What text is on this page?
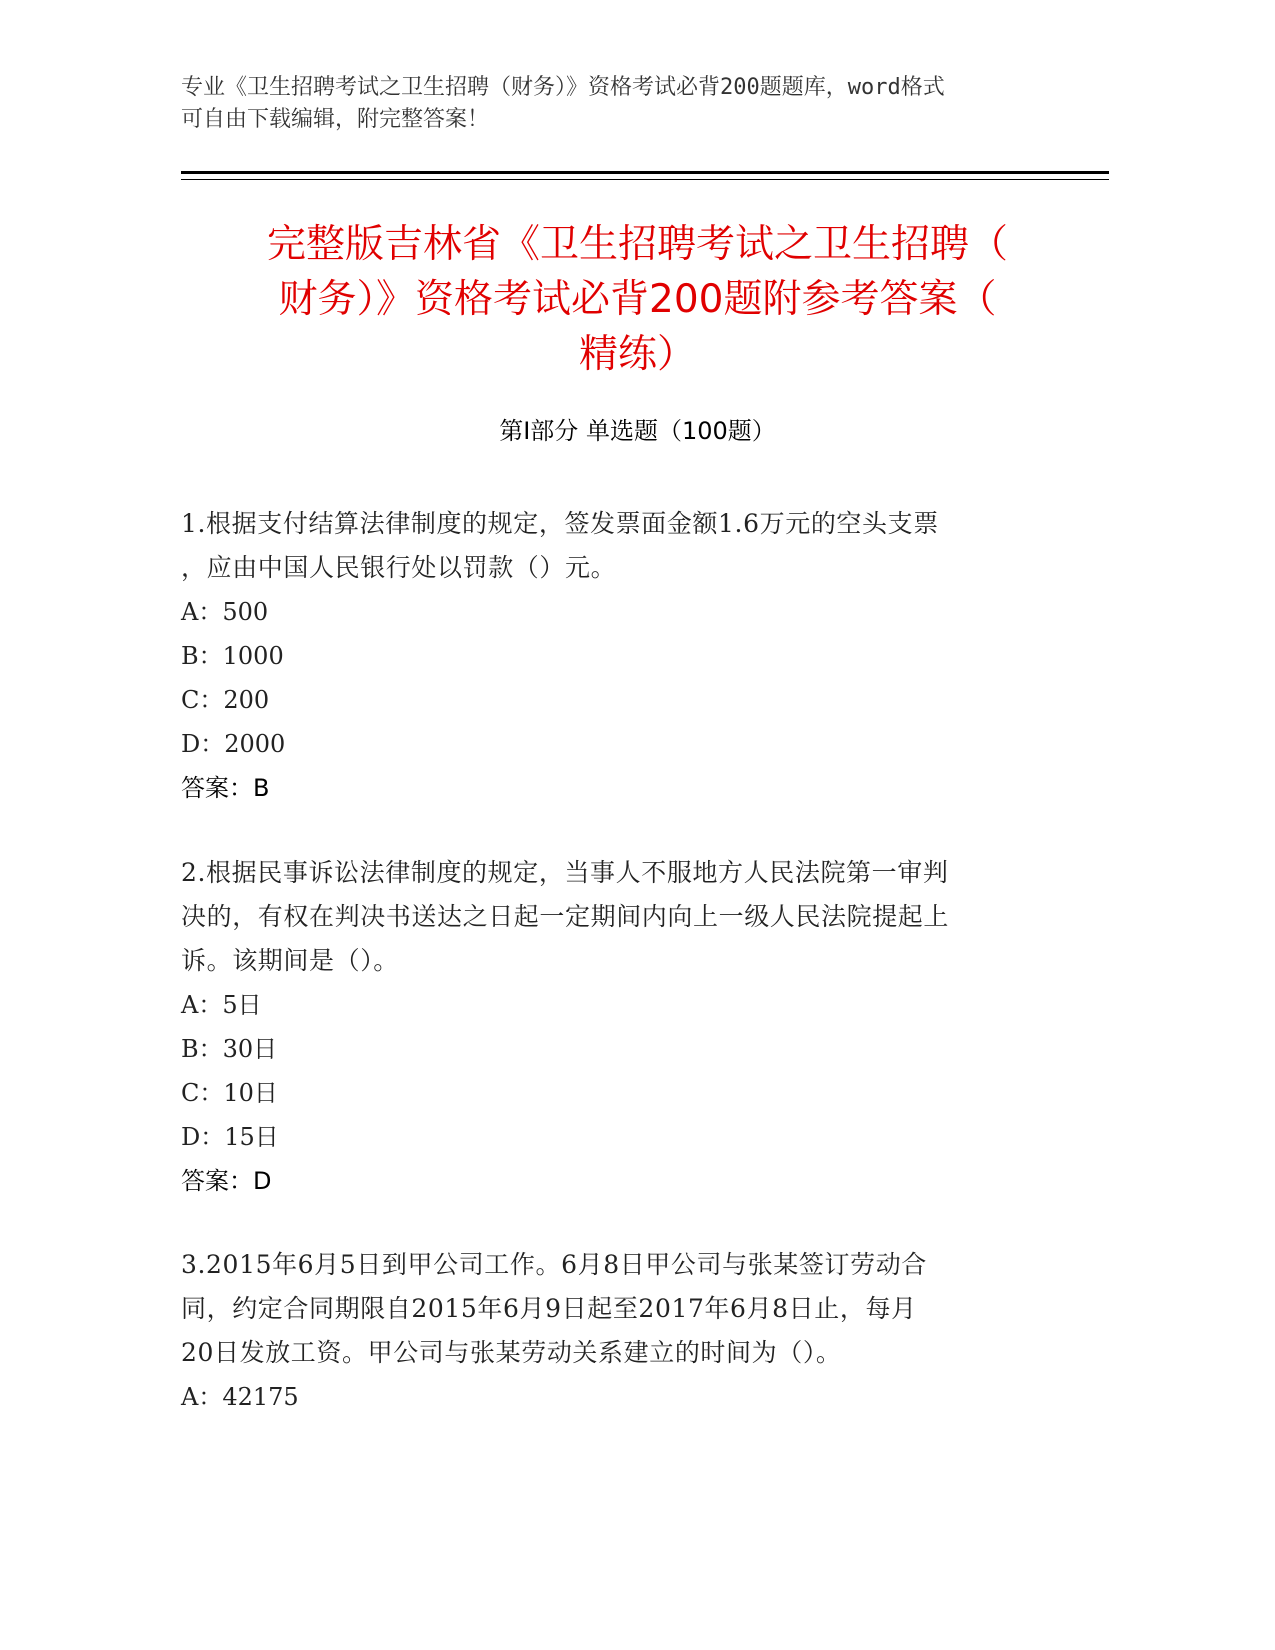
专业《卫生招聘考试之卫生招聘（财务）》资格考试必背200题题库，word格式
可自由下载编辑，附完整答案！
完整版吉林省《卫生招聘考试之卫生招聘（
财务）》资格考试必背200题附参考答案（
精练）
第Ⅰ部分 单选题（100题）
1.根据支付结算法律制度的规定，签发票面金额1.6万元的空头支票
，应由中国人民银行处以罚款（）元。
A：500
B：1000
C：200
D：2000
答案：B
2.根据民事诉讼法律制度的规定，当事人不服地方人民法院第一审判
决的，有权在判决书送达之日起一定期间内向上一级人民法院提起上
诉。该期间是（）。
A：5日
B：30日
C：10日
D：15日
答案：D
3.2015年6月5日到甲公司工作。6月8日甲公司与张某签订劳动合
同，约定合同期限自2015年6月9日起至2017年6月8日止，每月
20日发放工资。甲公司与张某劳动关系建立的时间为（）。
A：42175
